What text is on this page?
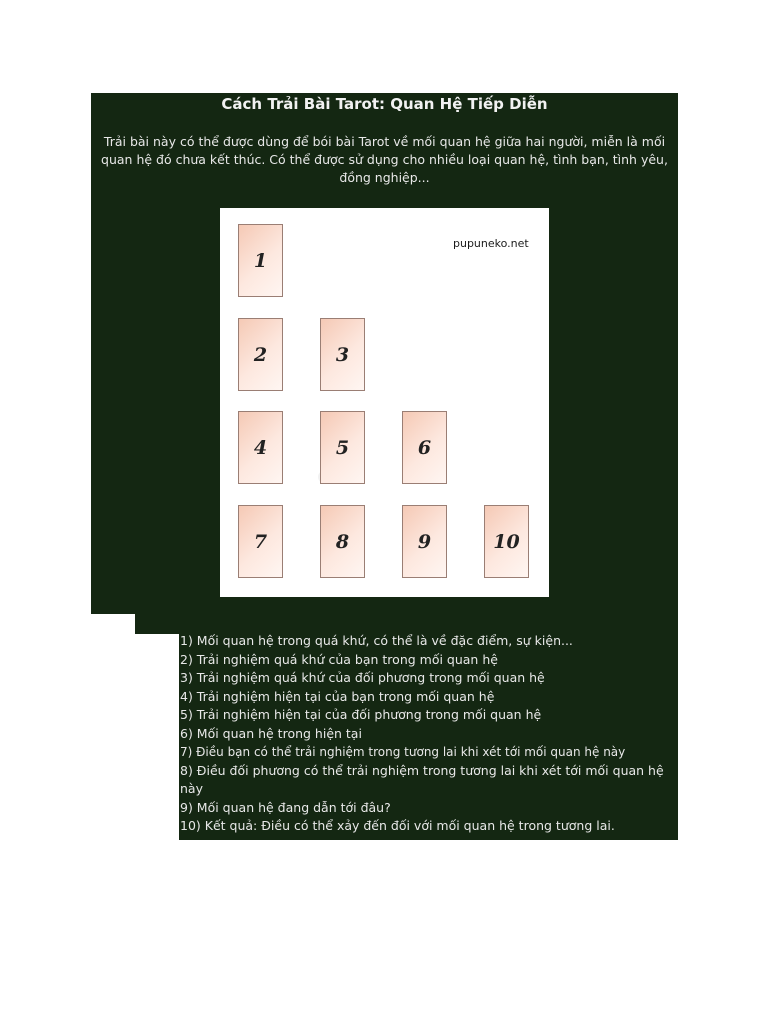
Cách Trải Bài Tarot: Quan Hệ Tiếp Diễn
Trải bài này có thể được dùng để bói bài Tarot về mối quan hệ giữa hai người, miễn là mối quan hệ đó chưa kết thúc. Có thể được sử dụng cho nhiều loại quan hệ, tình bạn, tình yêu, đồng nghiệp...
pupuneko.net
1
2	3
4	5	6
7	8	9	10
1) Mối quan hệ trong quá khứ, có thể là về đặc điểm, sự kiện...
2) Trải nghiệm quá khứ của bạn trong mối quan hệ
3) Trải nghiệm quá khứ của đối phương trong mối quan hệ
4) Trải nghiệm hiện tại của bạn trong mối quan hệ
5) Trải nghiệm hiện tại của đối phương trong mối quan hệ
6) Mối quan hệ trong hiện tại
7) Điều bạn có thể trải nghiệm trong tương lai khi xét tới mối quan hệ này
8) Điều đối phương có thể trải nghiệm trong tương lai khi xét tới mối quan hệ này
9) Mối quan hệ đang dẫn tới đâu?
10) Kết quả: Điều có thể xảy đến đối với mối quan hệ trong tương lai.
